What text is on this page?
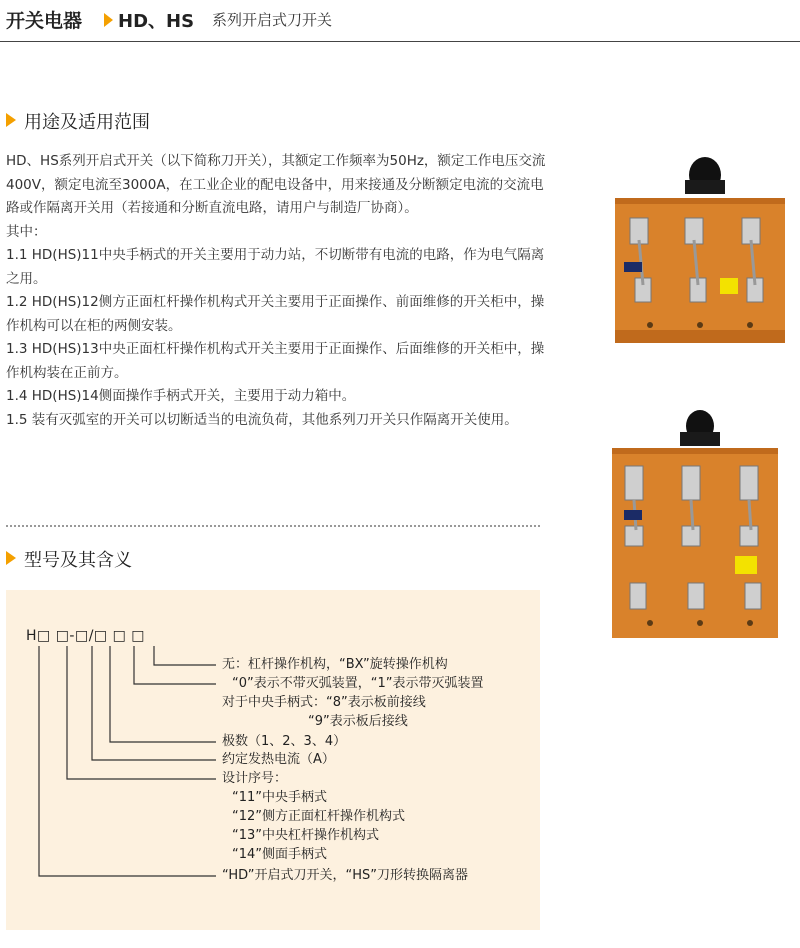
开关电器 HD、HS 系列开启式刀开关
用途及适用范围

HD、HS系列开启式开关（以下简称刀开关），其额定工作频率为50Hz，额定工作电压交流400V，额定电流至3000A，在工业企业的配电设备中，用来接通及分断额定电流的交流电路或作隔离开关用（若接通和分断直流电路，请用户与制造厂协商）。

其中：

1.1 HD(HS)11中央手柄式的开关主要用于动力站，不切断带有电流的电路，作为电气隔离之用。

1.2 HD(HS)12侧方正面杠杆操作机构式开关主要用于正面操作、前面维修的开关柜中，操作机构可以在柜的两侧安装。

1.3 HD(HS)13中央正面杠杆操作机构式开关主要用于正面操作、后面维修的开关柜中，操作机构装在正前方。

1.4 HD(HS)14侧面操作手柄式开关，主要用于动力箱中。

1.5 装有灭弧室的开关可以切断适当的电流负荷，其他系列刀开关只作隔离开关使用。

型号及其含义
H□ □-□/□ □ □
无：杠杆操作机构，“BX”旋转操作机构
“0”表示不带灭弧装置，“1”表示带灭弧装置
对于中央手柄式：“8”表示板前接线
“9”表示板后接线
极数（1、2、3、4）
约定发热电流（A）
设计序号：
“11”中央手柄式
“12”侧方正面杠杆操作机构式
“13”中央杠杆操作机构式
“14”侧面手柄式
“HD”开启式刀开关，“HS”刀形转换隔离器
